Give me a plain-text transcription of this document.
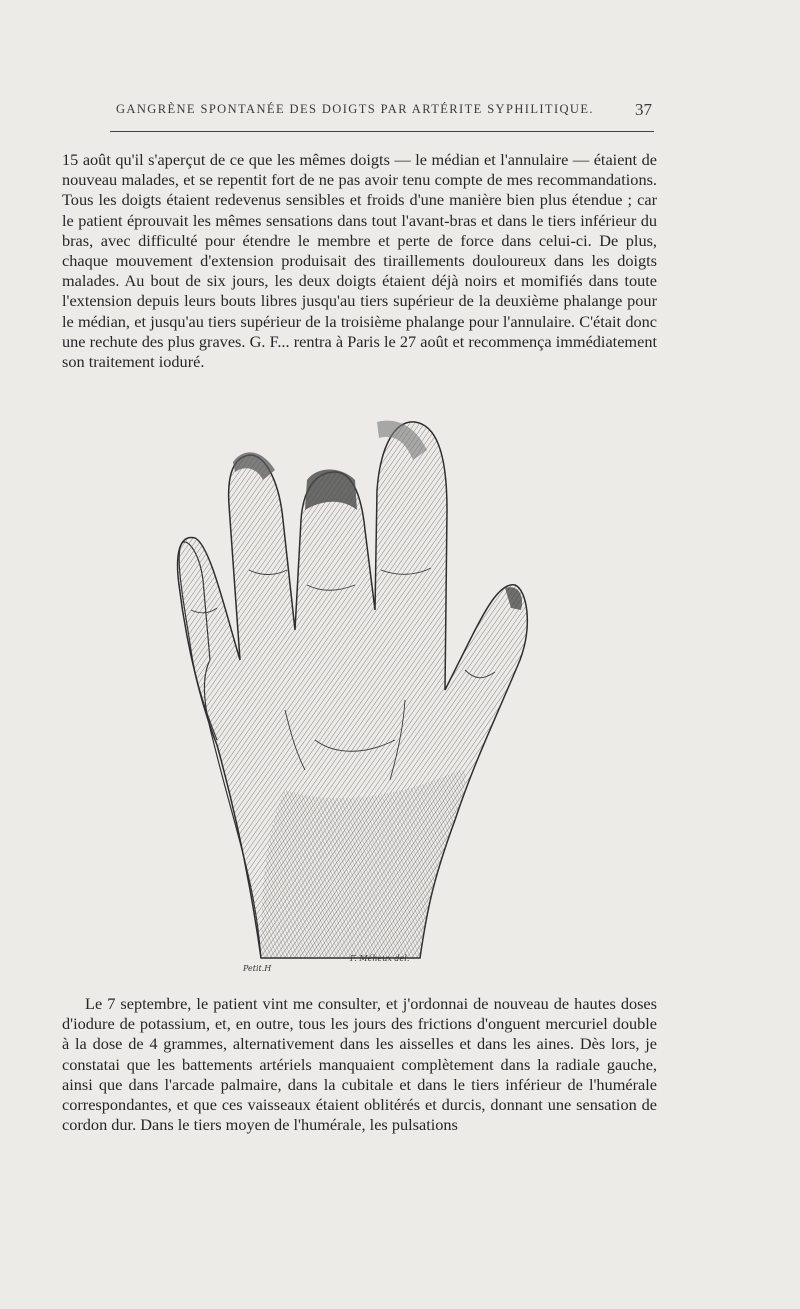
GANGRÈNE SPONTANÉE DES DOIGTS PAR ARTÉRITE SYPHILITIQUE. 37

15 août qu'il s'aperçut de ce que les mêmes doigts — le médian et l'annulaire — étaient de nouveau malades, et se repentit fort de ne pas avoir tenu compte de mes recommandations. Tous les doigts étaient redevenus sensibles et froids d'une manière bien plus étendue ; car le patient éprouvait les mêmes sensations dans tout l'avant-bras et dans le tiers inférieur du bras, avec difficulté pour étendre le membre et perte de force dans celui-ci. De plus, chaque mouvement d'extension produisait des tiraillements douloureux dans les doigts malades. Au bout de six jours, les deux doigts étaient déjà noirs et momifiés dans toute l'extension depuis leurs bouts libres jusqu'au tiers supérieur de la deuxième phalange pour le médian, et jusqu'au tiers supérieur de la troisième phalange pour l'annulaire. C'était donc une rechute des plus graves. G. F... rentra à Paris le 27 août et recommença immédiatement son traitement ioduré.

Petit.H
F. Méheux del.

Le 7 septembre, le patient vint me consulter, et j'ordonnai de nouveau de hautes doses d'iodure de potassium, et, en outre, tous les jours des frictions d'onguent mercuriel double à la dose de 4 grammes, alternativement dans les aisselles et dans les aines. Dès lors, je constatai que les battements artériels manquaient complètement dans la radiale gauche, ainsi que dans l'arcade palmaire, dans la cubitale et dans le tiers inférieur de l'humérale correspondantes, et que ces vaisseaux étaient oblitérés et durcis, donnant une sensation de cordon dur. Dans le tiers moyen de l'humérale, les pulsations
